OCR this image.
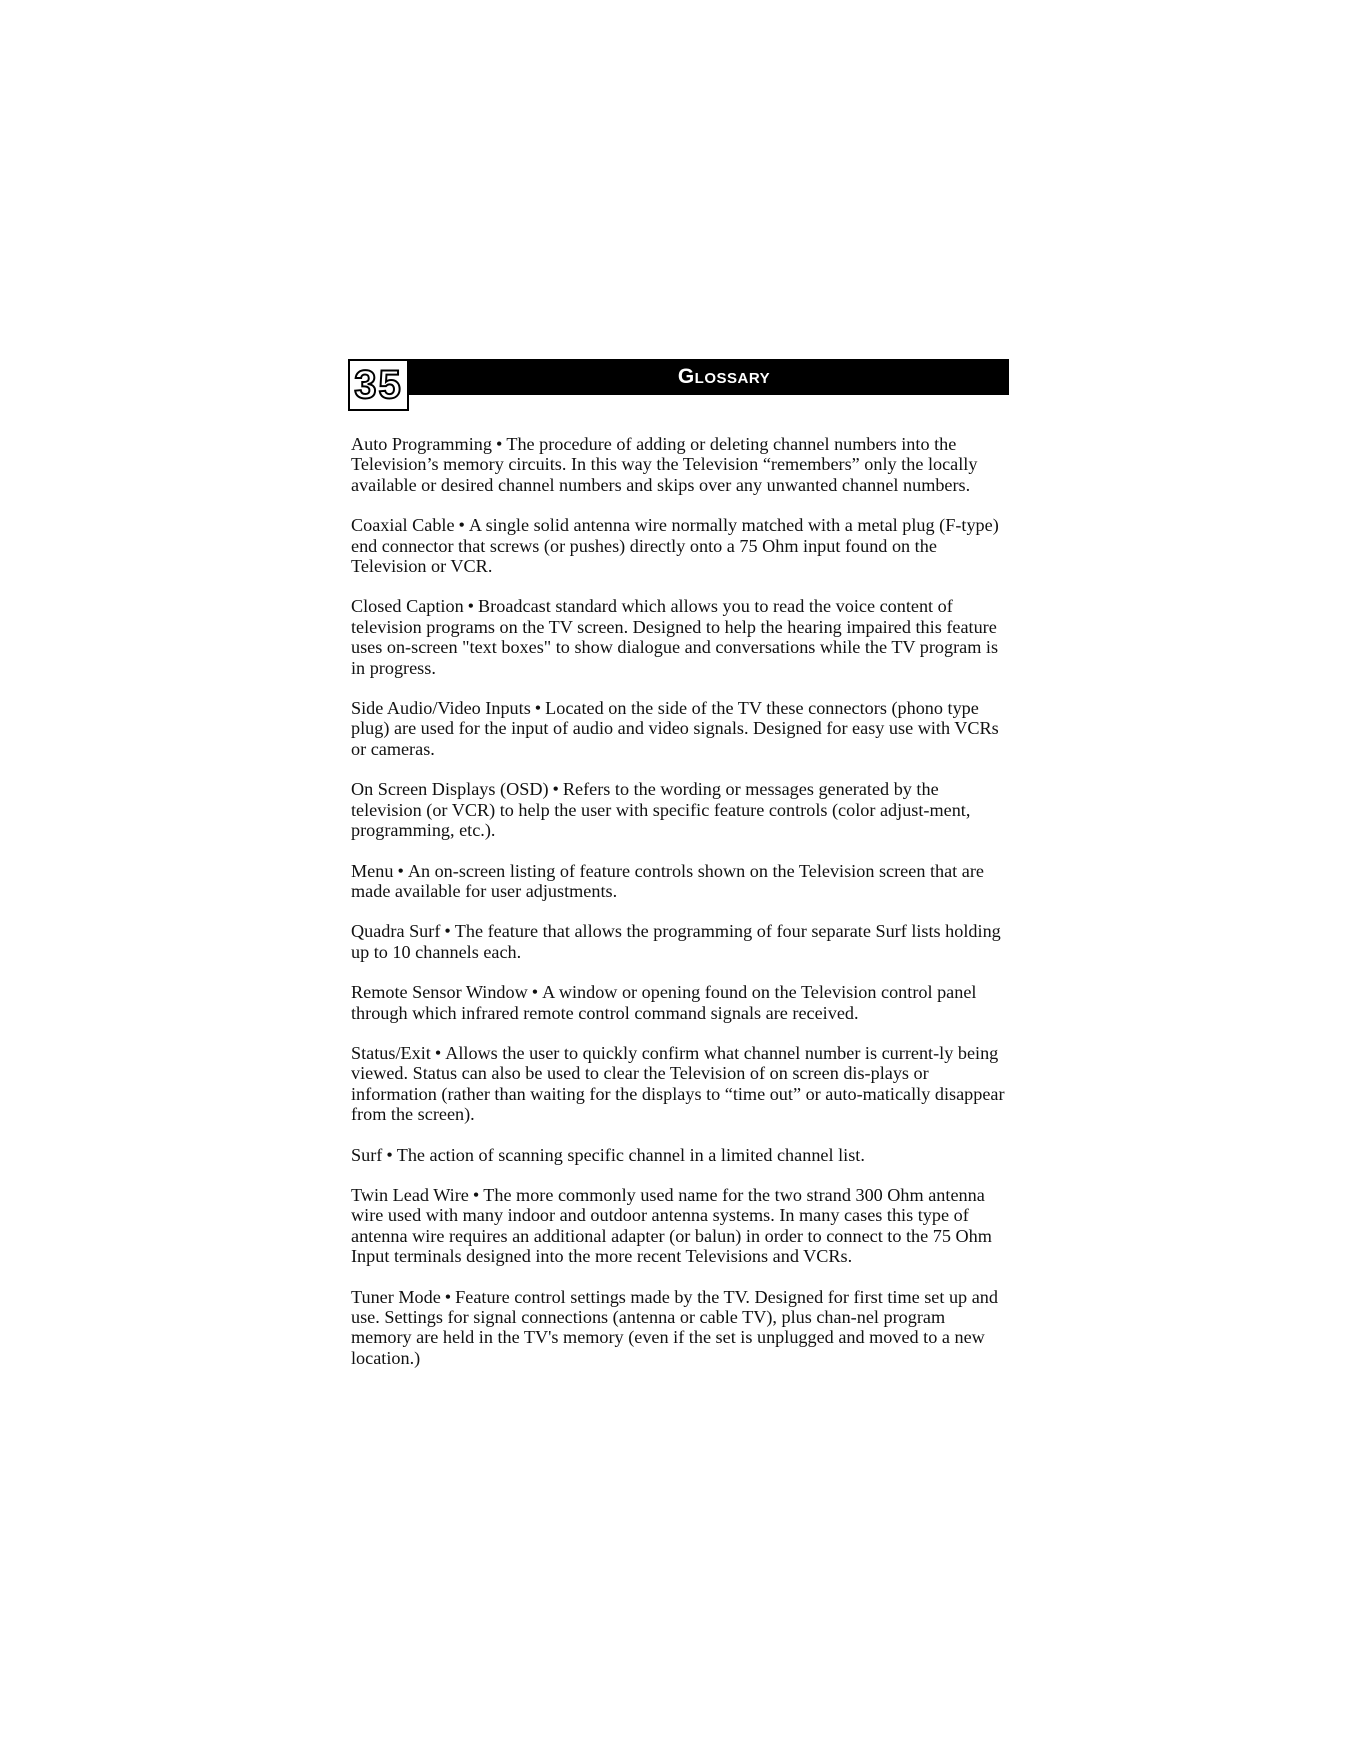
35	Glossary
Auto Programming • The procedure of adding or deleting channel numbers into the Television’s memory circuits. In this way the Television “remembers” only the locally available or desired channel numbers and skips over any unwanted channel numbers.
Coaxial Cable • A single solid antenna wire normally matched with a metal plug (F-type) end connector that screws (or pushes) directly onto a 75 Ohm input found on the Television or VCR.
Closed Caption • Broadcast standard which allows you to read the voice content of television programs on the TV screen. Designed to help the hearing impaired this feature uses on-screen "text boxes" to show dialogue and conversations while the TV program is in progress.
Side Audio/Video Inputs • Located on the side of the TV these connectors (phono type plug) are used for the input of audio and video signals. Designed for easy use with VCRs or cameras.
On Screen Displays (OSD) • Refers to the wording or messages generated by the television (or VCR) to help the user with specific feature controls (color adjust-ment, programming, etc.).
Menu • An on-screen listing of feature controls shown on the Television screen that are made available for user adjustments.
Quadra Surf • The feature that allows the programming of four separate Surf lists holding up to 10 channels each.
Remote Sensor Window • A window or opening found on the Television control panel through which infrared remote control command signals are received.
Status/Exit • Allows the user to quickly confirm what channel number is current-ly being viewed. Status can also be used to clear the Television of on screen dis-plays or information (rather than waiting for the displays to “time out” or auto-matically disappear from the screen).
Surf • The action of scanning specific channel in a limited channel list.
Twin Lead Wire • The more commonly used name for the two strand 300 Ohm antenna wire used with many indoor and outdoor antenna systems. In many cases this type of antenna wire requires an additional adapter (or balun) in order to connect to the 75 Ohm Input terminals designed into the more recent Televisions and VCRs.
Tuner Mode • Feature control settings made by the TV. Designed for first time set up and use. Settings for signal connections (antenna or cable TV), plus chan-nel program memory are held in the TV's memory (even if the set is unplugged and moved to a new location.)
